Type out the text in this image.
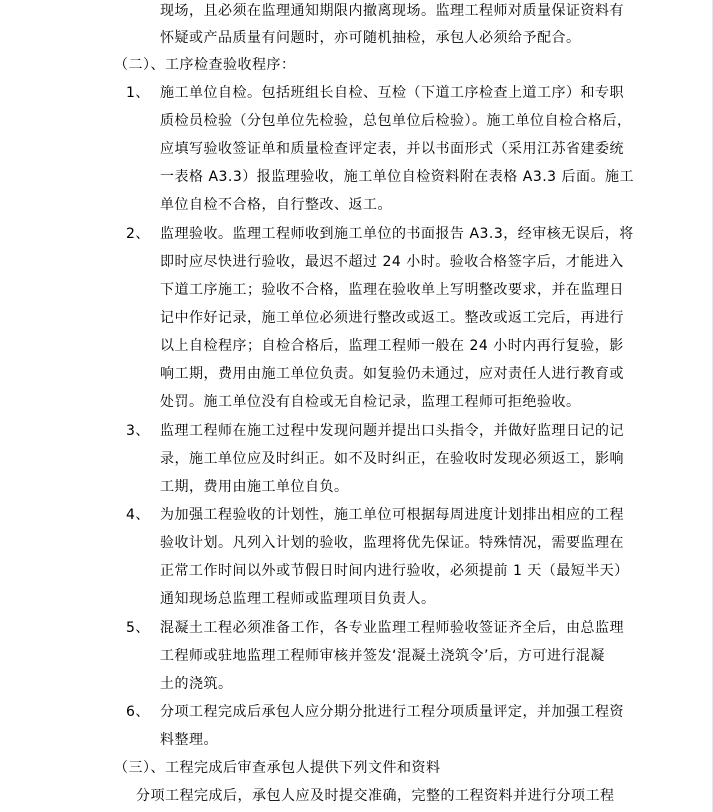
现场，且必须在监理通知期限内撤离现场。监理工程师对质量保证资料有

怀疑或产品质量有问题时，亦可随机抽检，承包人必须给予配合。

（二）、工序检查验收程序：

1、 施工单位自检。包括班组长自检、互检（下道工序检查上道工序）和专职

质检员检验（分包单位先检验，总包单位后检验）。施工单位自检合格后，

应填写验收签证单和质量检查评定表，并以书面形式（采用江苏省建委统

一表格 A3.3）报监理验收，施工单位自检资料附在表格 A3.3 后面。施工

单位自检不合格，自行整改、返工。

2、 监理验收。监理工程师收到施工单位的书面报告 A3.3，经审核无误后，将

即时应尽快进行验收，最迟不超过 24 小时。验收合格签字后，才能进入

下道工序施工；验收不合格，监理在验收单上写明整改要求，并在监理日

记中作好记录，施工单位必须进行整改或返工。整改或返工完后，再进行

以上自检程序；自检合格后，监理工程师一般在 24 小时内再行复验，影

响工期，费用由施工单位负责。如复验仍未通过，应对责任人进行教育或

处罚。施工单位没有自检或无自检记录，监理工程师可拒绝验收。

3、 监理工程师在施工过程中发现问题并提出口头指令，并做好监理日记的记

录，施工单位应及时纠正。如不及时纠正，在验收时发现必须返工，影响

工期，费用由施工单位自负。

4、 为加强工程验收的计划性，施工单位可根据每周进度计划排出相应的工程

验收计划。凡列入计划的验收，监理将优先保证。特殊情况，需要监理在

正常工作时间以外或节假日时间内进行验收，必须提前 1 天（最短半天）

通知现场总监理工程师或监理项目负责人。

5、 混凝土工程必须准备工作，各专业监理工程师验收签证齐全后，由总监理

工程师或驻地监理工程师审核并签发‘混凝土浇筑令’后，方可进行混凝

土的浇筑。

6、 分项工程完成后承包人应分期分批进行工程分项质量评定，并加强工程资

料整理。

（三）、工程完成后审查承包人提供下列文件和资料

分项工程完成后，承包人应及时提交准确，完整的工程资料并进行分项工程
